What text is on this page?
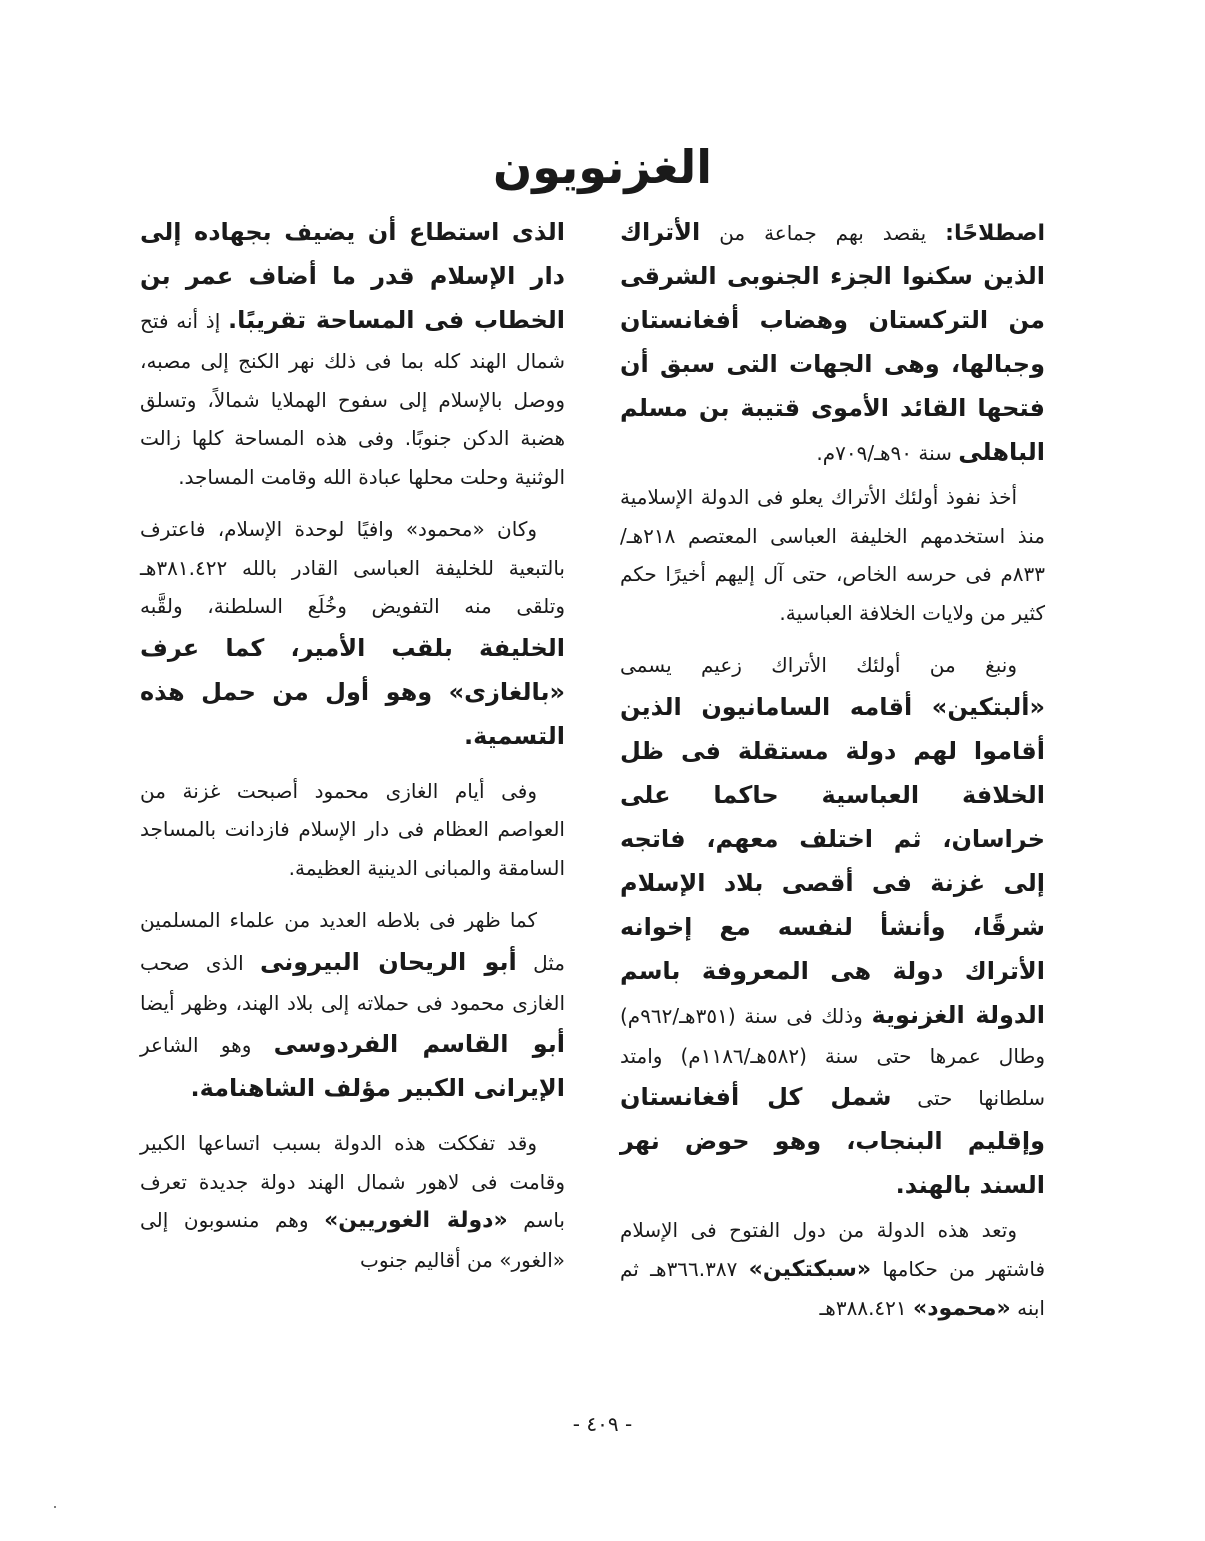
الغزنويون

اصطلاحًا: يقصد بهم جماعة من الأتراك الذين سكنوا الجزء الجنوبى الشرقى من التركستان وهضاب أفغانستان وجبالها، وهى الجهات التى سبق أن فتحها القائد الأموى قتيبة بن مسلم الباهلى سنة ٩٠هـ/٧٠٩م.

أخذ نفوذ أولئك الأتراك يعلو فى الدولة الإسلامية منذ استخدمهم الخليفة العباسى المعتصم ٢١٨هـ/٨٣٣م فى حرسه الخاص، حتى آل إليهم أخيرًا حكم كثير من ولايات الخلافة العباسية.

ونبغ من أولئك الأتراك زعيم يسمى «ألبتكين» أقامه السامانيون الذين أقاموا لهم دولة مستقلة فى ظل الخلافة العباسية حاكما على خراسان، ثم اختلف معهم، فاتجه إلى غزنة فى أقصى بلاد الإسلام شرقًا، وأنشأ لنفسه مع إخوانه الأتراك دولة هى المعروفة باسم الدولة الغزنوية وذلك فى سنة (٣٥١هـ/٩٦٢م) وطال عمرها حتى سنة (٥٨٢هـ/١١٨٦م) وامتد سلطانها حتى شمل كل أفغانستان وإقليم البنجاب، وهو حوض نهر السند بالهند.

وتعد هذه الدولة من دول الفتوح فى الإسلام فاشتهر من حكامها «سبكتكين» ٣٦٦.٣٨٧هـ ثم ابنه «محمود» ٣٨٨.٤٢١هـ

الذى استطاع أن يضيف بجهاده إلى دار الإسلام قدر ما أضاف عمر بن الخطاب فى المساحة تقريبًا. إذ أنه فتح شمال الهند كله بما فى ذلك نهر الكنج إلى مصبه، ووصل بالإسلام إلى سفوح الهملايا شمالاً، وتسلق هضبة الدكن جنوبًا. وفى هذه المساحة كلها زالت الوثنية وحلت محلها عبادة الله وقامت المساجد.

وكان «محمود» وافيًا لوحدة الإسلام، فاعترف بالتبعية للخليفة العباسى القادر بالله ٣٨١.٤٢٢هـ وتلقى منه التفويض وخُلَع السلطنة، ولقَّبه الخليفة بلقب الأمير، كما عرف «بالغازى» وهو أول من حمل هذه التسمية.

وفى أيام الغازى محمود أصبحت غزنة من العواصم العظام فى دار الإسلام فازدانت بالمساجد السامقة والمبانى الدينية العظيمة.

كما ظهر فى بلاطه العديد من علماء المسلمين مثل أبو الريحان البيرونى الذى صحب الغازى محمود فى حملاته إلى بلاد الهند، وظهر أيضا أبو القاسم الفردوسى وهو الشاعر الإيرانى الكبير مؤلف الشاهنامة.

وقد تفككت هذه الدولة بسبب اتساعها الكبير وقامت فى لاهور شمال الهند دولة جديدة تعرف باسم «دولة الغوريين» وهم منسوبون إلى «الغور» من أقاليم جنوب

- ٤٠٩ -
